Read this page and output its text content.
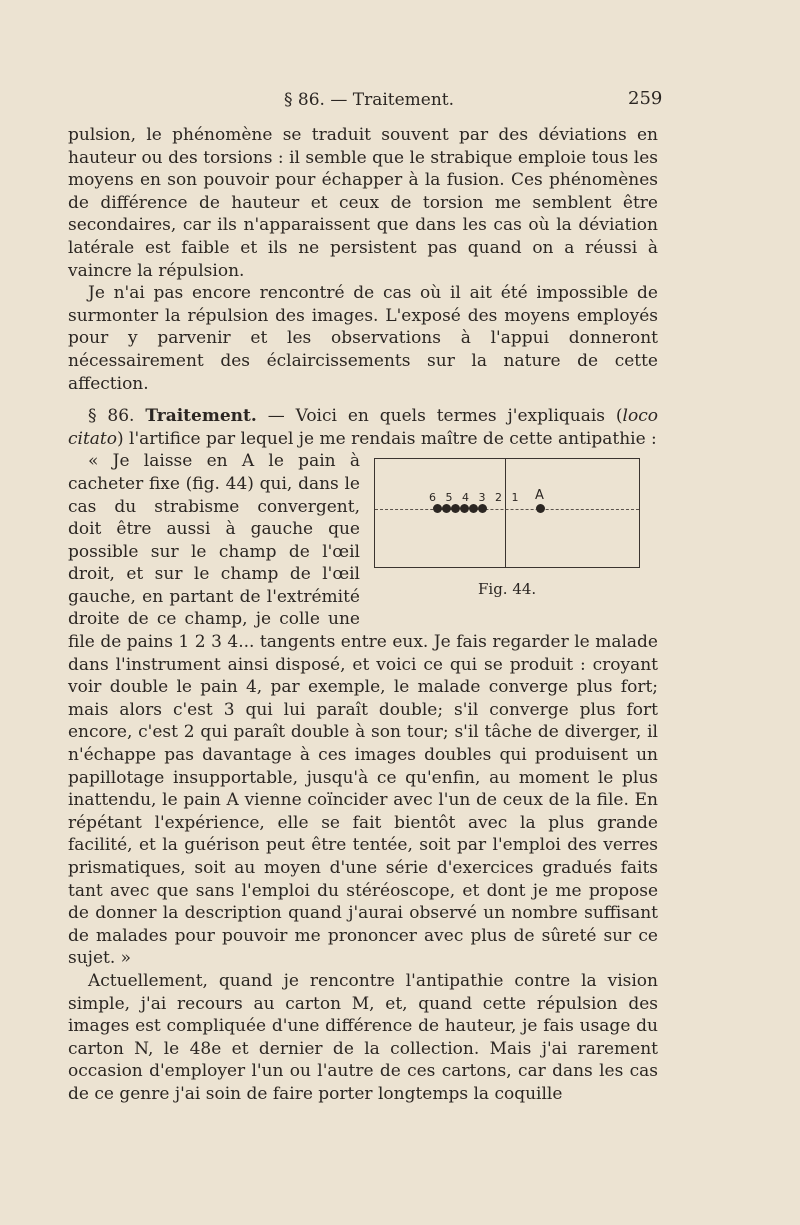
§ 86. — Traitement.	259

pulsion, le phénomène se traduit souvent par des déviations en hauteur ou des torsions : il semble que le strabique emploie tous les moyens en son pouvoir pour échapper à la fusion. Ces phénomènes de différence de hauteur et ceux de torsion me semblent être secondaires, car ils n'apparaissent que dans les cas où la déviation latérale est faible et ils ne persistent pas quand on a réussi à vaincre la répulsion.

Je n'ai pas encore rencontré de cas où il ait été impossible de surmonter la répulsion des images. L'exposé des moyens employés pour y parvenir et les observations à l'appui donneront nécessairement des éclaircissements sur la nature de cette affection.

§ 86. Traitement. — Voici en quels termes j'expliquais (loco citato) l'artifice par lequel je me rendais maître de cette antipathie :

6 5 4 3 2 1 A
Fig. 44.

« Je laisse en A le pain à cacheter fixe (fig. 44) qui, dans le cas du strabisme convergent, doit être aussi à gauche que possible sur le champ de l'œil droit, et sur le champ de l'œil gauche, en partant de l'extrémité droite de ce champ, je colle une file de pains 1 2 3 4... tangents entre eux. Je fais regarder le malade dans l'instrument ainsi disposé, et voici ce qui se produit : croyant voir double le pain 4, par exemple, le malade converge plus fort; mais alors c'est 3 qui lui paraît double; s'il converge plus fort encore, c'est 2 qui paraît double à son tour; s'il tâche de diverger, il n'échappe pas davantage à ces images doubles qui produisent un papillotage insupportable, jusqu'à ce qu'enfin, au moment le plus inattendu, le pain A vienne coïncider avec l'un de ceux de la file. En répétant l'expérience, elle se fait bientôt avec la plus grande facilité, et la guérison peut être tentée, soit par l'emploi des verres prismatiques, soit au moyen d'une série d'exercices gradués faits tant avec que sans l'emploi du stéréoscope, et dont je me propose de donner la description quand j'aurai observé un nombre suffisant de malades pour pouvoir me prononcer avec plus de sûreté sur ce sujet. »

Actuellement, quand je rencontre l'antipathie contre la vision simple, j'ai recours au carton M, et, quand cette répulsion des images est compliquée d'une différence de hauteur, je fais usage du carton N, le 48e et dernier de la collection. Mais j'ai rarement occasion d'employer l'un ou l'autre de ces cartons, car dans les cas de ce genre j'ai soin de faire porter longtemps la coquille
